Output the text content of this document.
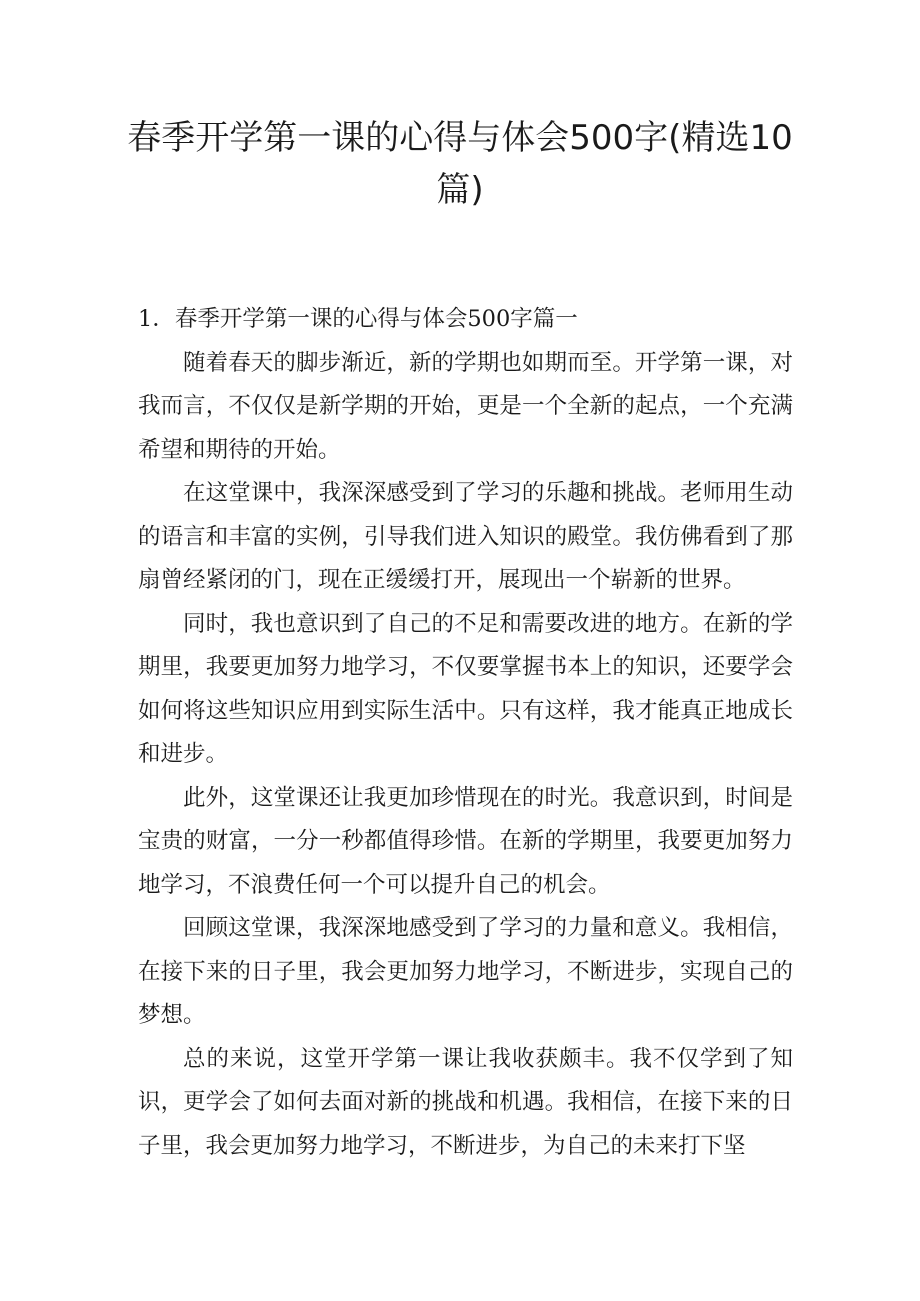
春季开学第一课的心得与体会500字(精选10篇)
1．春季开学第一课的心得与体会500字篇一

随着春天的脚步渐近，新的学期也如期而至。开学第一课，对我而言，不仅仅是新学期的开始，更是一个全新的起点，一个充满希望和期待的开始。

在这堂课中，我深深感受到了学习的乐趣和挑战。老师用生动的语言和丰富的实例，引导我们进入知识的殿堂。我仿佛看到了那扇曾经紧闭的门，现在正缓缓打开，展现出一个崭新的世界。

同时，我也意识到了自己的不足和需要改进的地方。在新的学期里，我要更加努力地学习，不仅要掌握书本上的知识，还要学会如何将这些知识应用到实际生活中。只有这样，我才能真正地成长和进步。

此外，这堂课还让我更加珍惜现在的时光。我意识到，时间是宝贵的财富，一分一秒都值得珍惜。在新的学期里，我要更加努力地学习，不浪费任何一个可以提升自己的机会。

回顾这堂课，我深深地感受到了学习的力量和意义。我相信，在接下来的日子里，我会更加努力地学习，不断进步，实现自己的梦想。

总的来说，这堂开学第一课让我收获颇丰。我不仅学到了知识，更学会了如何去面对新的挑战和机遇。我相信，在接下来的日子里，我会更加努力地学习，不断进步，为自己的未来打下坚
